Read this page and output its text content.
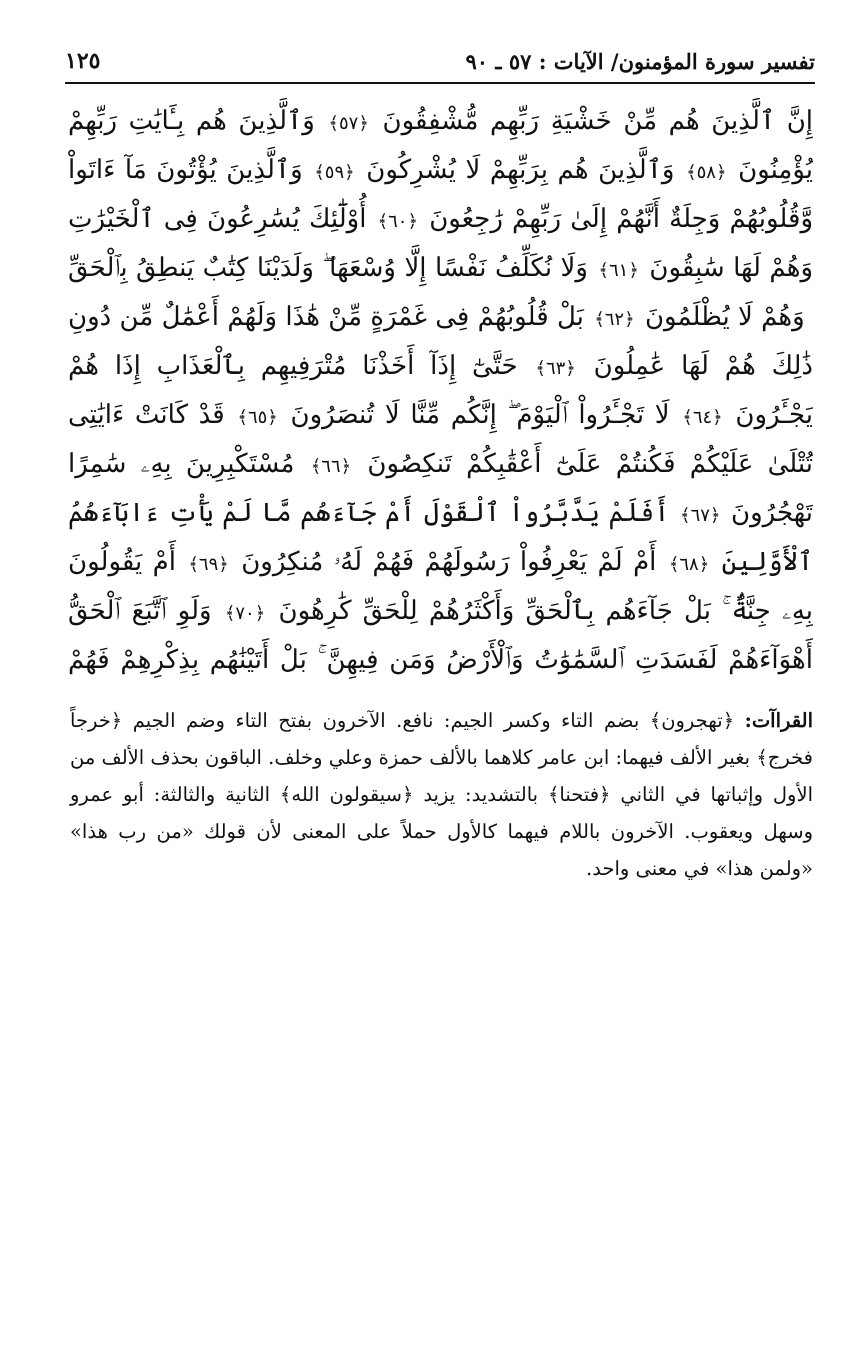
تفسير سورة المؤمنون/ الآيات : ٥٧ ـ ٩٠
١٢٥
إِنَّ ٱلَّذِينَ هُم مِّنْ خَشْيَةِ رَبِّهِم مُّشْفِقُونَ ﴿٥٧﴾ وَٱلَّذِينَ هُم بِـَٔايَٰتِ رَبِّهِمْ يُؤْمِنُونَ ﴿٥٨﴾ وَٱلَّذِينَ هُم بِرَبِّهِمْ لَا يُشْرِكُونَ ﴿٥٩﴾ وَٱلَّذِينَ يُؤْتُونَ مَآ ءَاتَواْ وَّقُلُوبُهُمْ وَجِلَةٌ أَنَّهُمْ إِلَىٰ رَبِّهِمْ رَٰجِعُونَ ﴿٦٠﴾ أُوْلَٰٓئِكَ يُسَٰرِعُونَ فِى ٱلْخَيْرَٰتِ وَهُمْ لَهَا سَٰبِقُونَ ﴿٦١﴾ وَلَا نُكَلِّفُ نَفْسًا إِلَّا وُسْعَهَا ۖ وَلَدَيْنَا كِتَٰبٌ يَنطِقُ بِٱلْحَقِّ ۚ وَهُمْ لَا يُظْلَمُونَ ﴿٦٢﴾ بَلْ قُلُوبُهُمْ فِى غَمْرَةٍ مِّنْ هَٰذَا وَلَهُمْ أَعْمَٰلٌ مِّن دُونِ ذَٰلِكَ هُمْ لَهَا عَٰمِلُونَ ﴿٦٣﴾ حَتَّىٰٓ إِذَآ أَخَذْنَا مُتْرَفِيهِم بِٱلْعَذَابِ إِذَا هُمْ يَجْـَٔرُونَ ﴿٦٤﴾ لَا تَجْـَٔرُواْ ٱلْيَوْمَ ۖ إِنَّكُم مِّنَّا لَا تُنصَرُونَ ﴿٦٥﴾ قَدْ كَانَتْ ءَايَٰتِى تُتْلَىٰ عَلَيْكُمْ فَكُنتُمْ عَلَىٰٓ أَعْقَٰبِكُمْ تَنكِصُونَ ﴿٦٦﴾ مُسْتَكْبِرِينَ بِهِۦ سَٰمِرًا تَهْجُرُونَ ﴿٦٧﴾ أَفَلَمْ يَدَّبَّرُواْ ٱلْقَوْلَ أَمْ جَآءَهُم مَّا لَمْ يَأْتِ ءَابَآءَهُمُ ٱلْأَوَّلِينَ ﴿٦٨﴾ أَمْ لَمْ يَعْرِفُواْ رَسُولَهُمْ فَهُمْ لَهُۥ مُنكِرُونَ ﴿٦٩﴾ أَمْ يَقُولُونَ بِهِۦ جِنَّةٌۢ ۚ بَلْ جَآءَهُم بِٱلْحَقِّ وَأَكْثَرُهُمْ لِلْحَقِّ كَٰرِهُونَ ﴿٧٠﴾ وَلَوِ ٱتَّبَعَ ٱلْحَقُّ أَهْوَآءَهُمْ لَفَسَدَتِ ٱلسَّمَٰوَٰتُ وَٱلْأَرْضُ وَمَن فِيهِنَّ ۚ بَلْ أَتَيْنَٰهُم بِذِكْرِهِمْ فَهُمْ
القراآت: ﴿تهجرون﴾ بضم التاء وكسر الجيم: نافع. الآخرون بفتح التاء وضم الجيم ﴿خرجاً فخرج﴾ بغير الألف فيهما: ابن عامر كلاهما بالألف حمزة وعلي وخلف. الباقون بحذف الألف من الأول وإثباتها في الثاني ﴿فتحنا﴾ بالتشديد: يزيد ﴿سيقولون الله﴾ الثانية والثالثة: أبو عمرو وسهل ويعقوب. الآخرون باللام فيهما كالأول حملاً على المعنى لأن قولك «من رب هذا» «ولمن هذا» في معنى واحد.
